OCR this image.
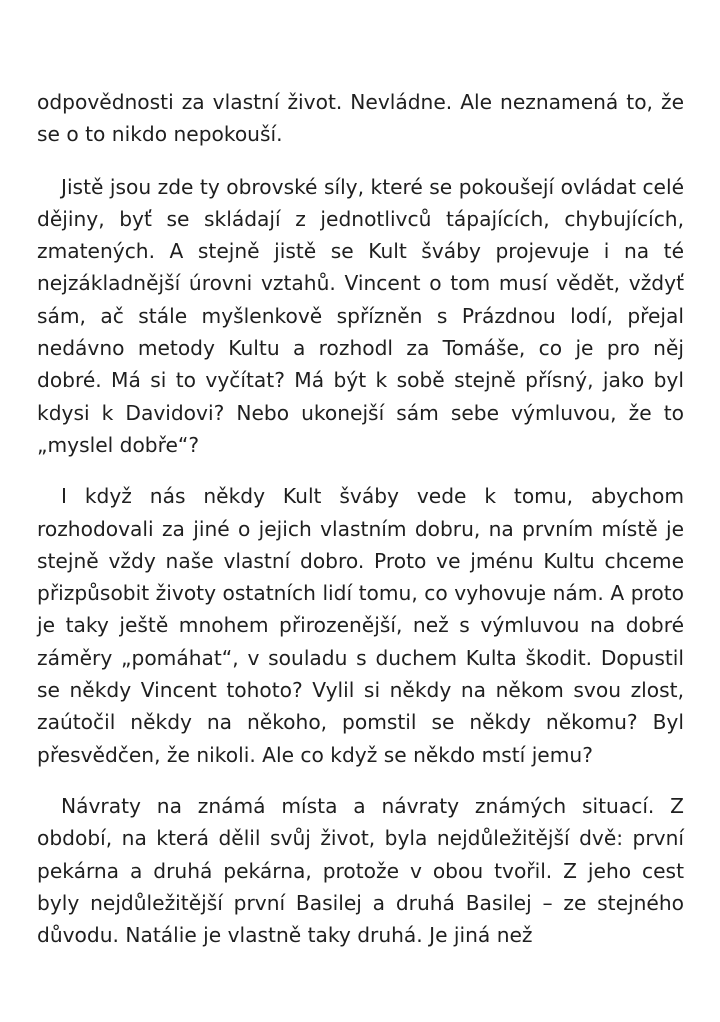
odpovědnosti za vlastní život. Nevládne. Ale neznamená to, že se o to nikdo nepokouší.

Jistě jsou zde ty obrovské síly, které se pokoušejí ovládat celé dějiny, byť se skládají z jednotlivců tápajících, chybujících, zmatených. A stejně jistě se Kult šváby projevuje i na té nejzákladnější úrovni vztahů. Vincent o tom musí vědět, vždyť sám, ač stále myšlenkově spřízněn s Prázdnou lodí, přejal nedávno metody Kultu a rozhodl za Tomáše, co je pro něj dobré. Má si to vyčítat? Má být k sobě stejně přísný, jako byl kdysi k Davidovi? Nebo ukonejší sám sebe výmluvou, že to „myslel dobře“?

I když nás někdy Kult šváby vede k tomu, abychom rozhodovali za jiné o jejich vlastním dobru, na prvním místě je stejně vždy naše vlastní dobro. Proto ve jménu Kultu chceme přizpůsobit životy ostatních lidí tomu, co vyhovuje nám. A proto je taky ještě mnohem přirozenější, než s výmluvou na dobré záměry „pomáhat“, v souladu s duchem Kulta škodit. Dopustil se někdy Vincent tohoto? Vylil si někdy na někom svou zlost, zaútočil někdy na někoho, pomstil se někdy někomu? Byl přesvědčen, že nikoli. Ale co když se někdo mstí jemu?

Návraty na známá místa a návraty známých situací. Z období, na která dělil svůj život, byla nejdůležitější dvě: první pekárna a druhá pekárna, protože v obou tvořil. Z jeho cest byly nejdůležitější první Basilej a druhá Basilej – ze stejného důvodu. Natálie je vlastně taky druhá. Je jiná než
